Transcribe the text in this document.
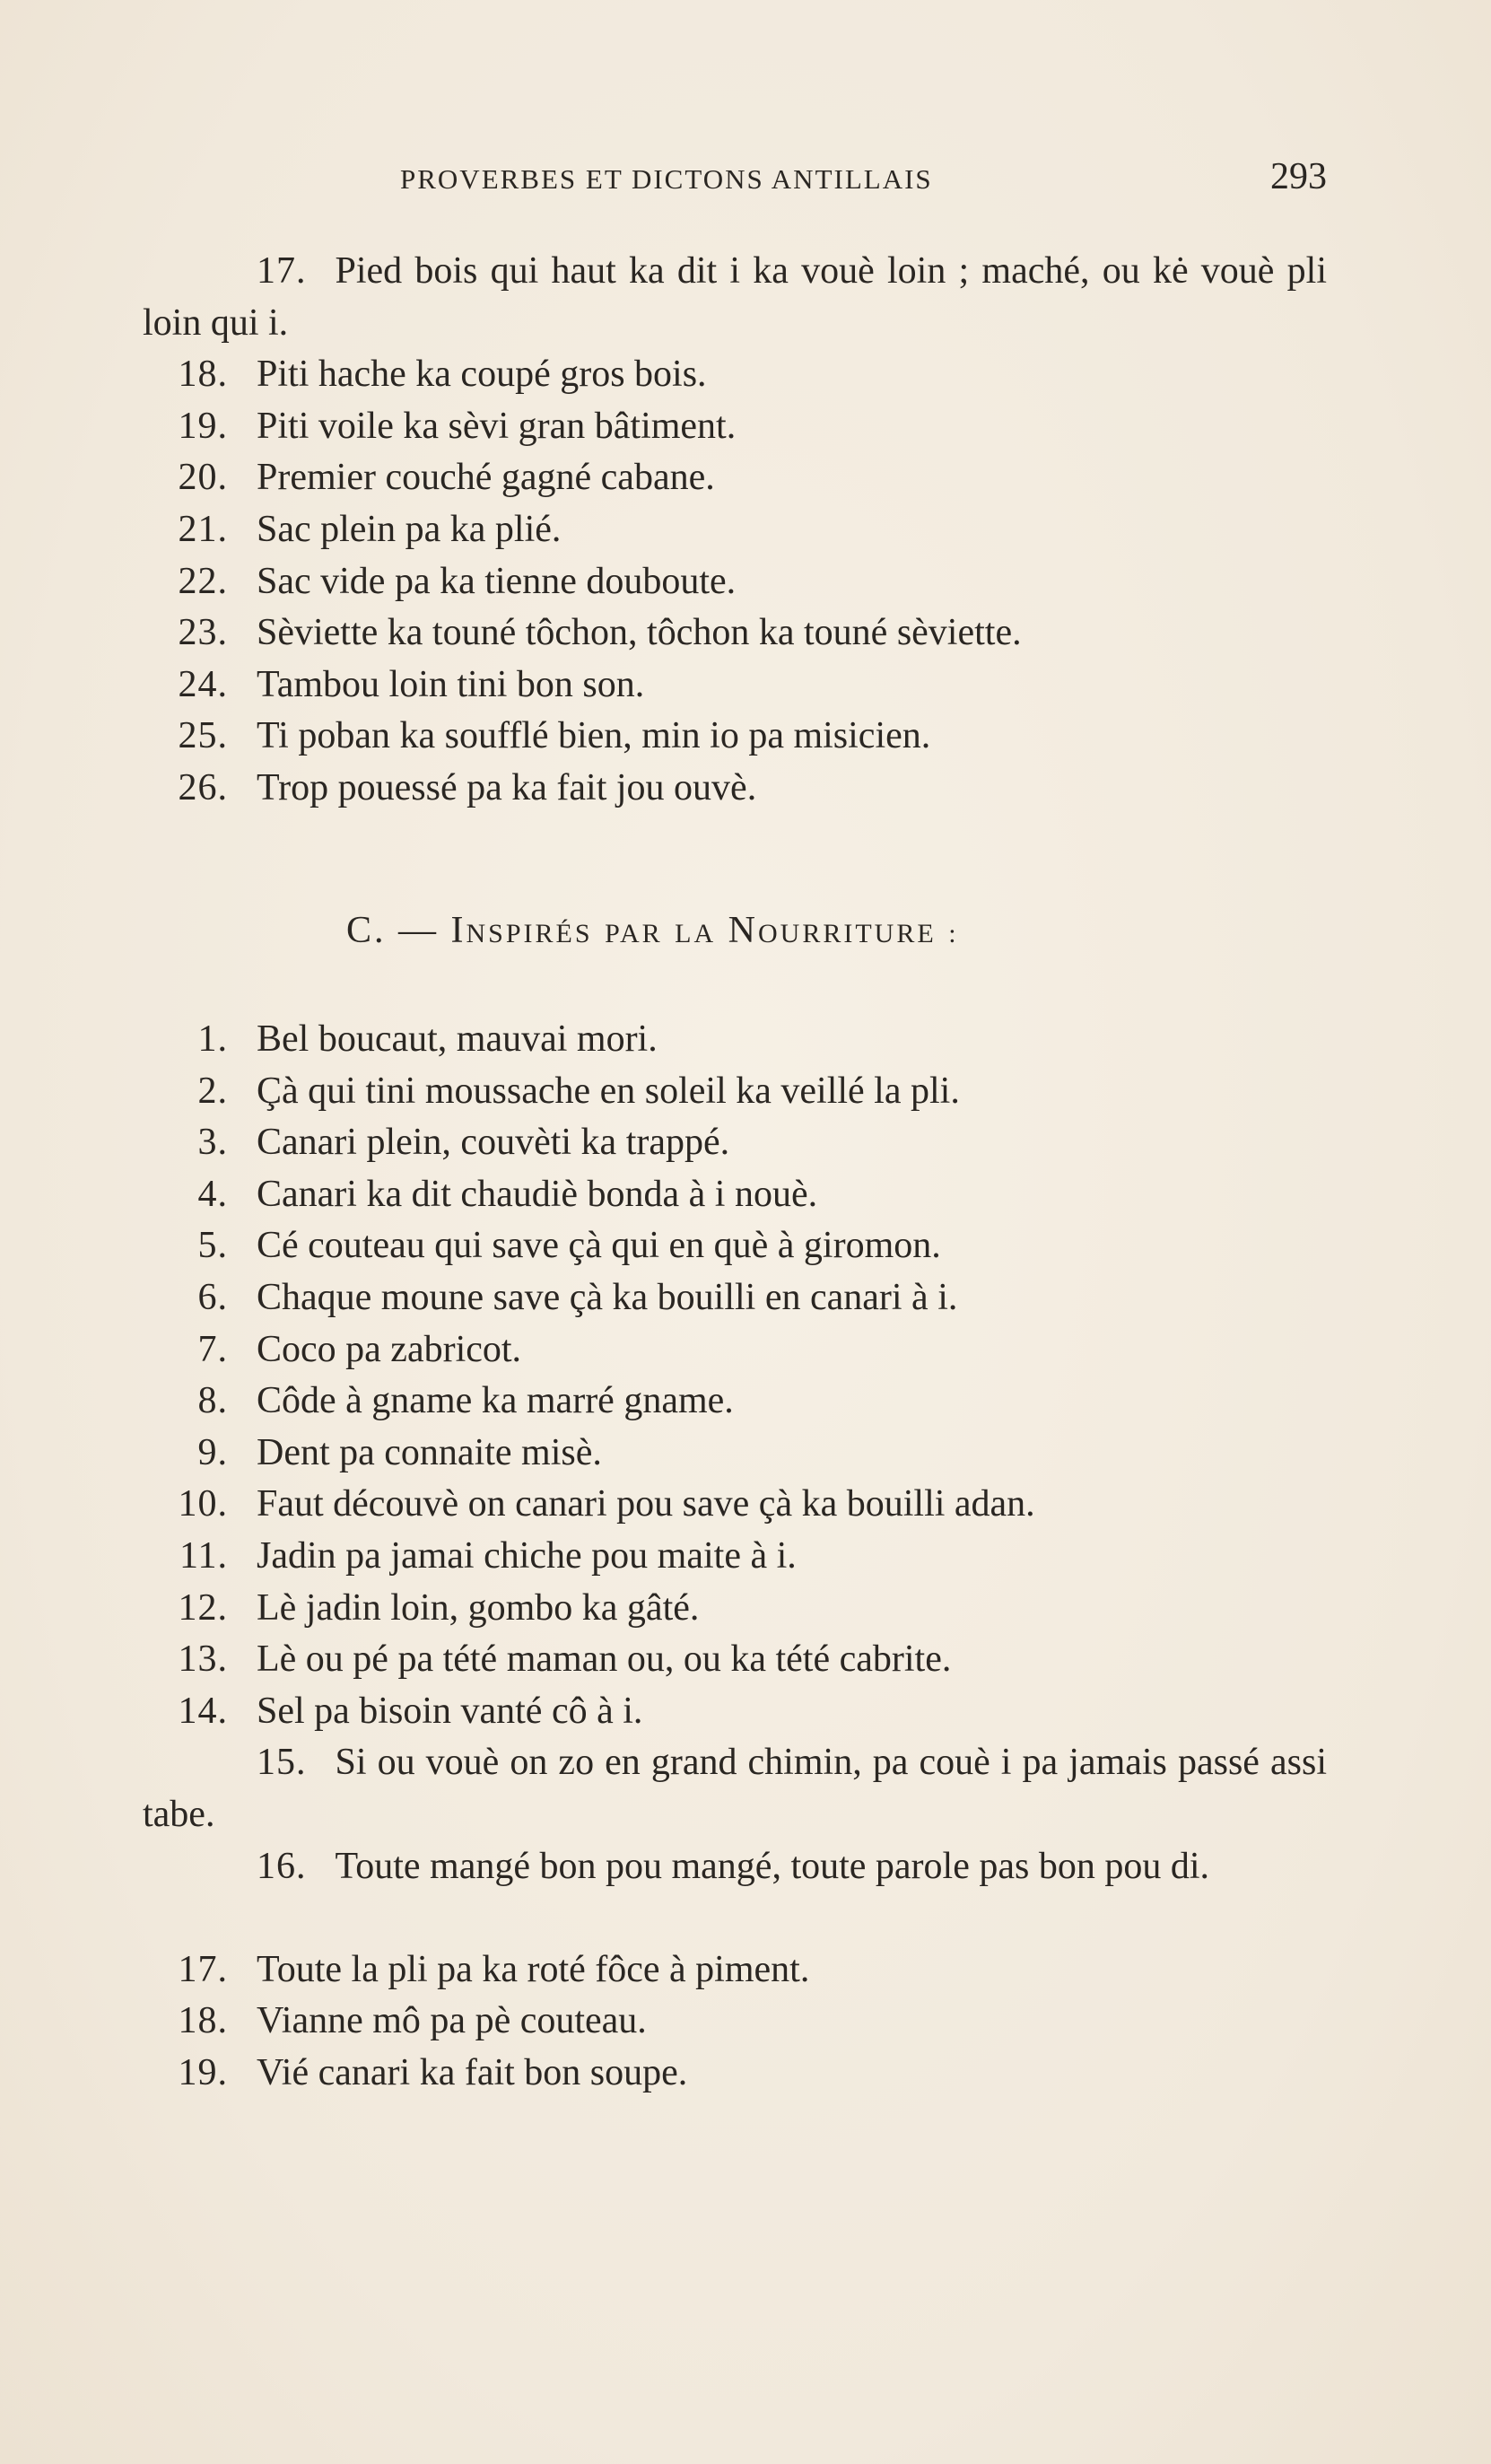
PROVERBES ET DICTONS ANTILLAIS	293
17. Pied bois qui haut ka dit i ka vouè loin ; maché, ou kė vouè pli loin qui i.
18. Piti hache ka coupé gros bois.
19. Piti voile ka sèvi gran bâtiment.
20. Premier couché gagné cabane.
21. Sac plein pa ka plié.
22. Sac vide pa ka tienne douboute.
23. Sèviette ka touné tôchon, tôchon ka touné sèviette.
24. Tambou loin tini bon son.
25. Ti poban ka soufflé bien, min io pa misicien.
26. Trop pouessé pa ka fait jou ouvè.
C. — INSPIRÉS PAR LA NOURRITURE :
1. Bel boucaut, mauvai mori.
2. Çà qui tini moussache en soleil ka veillé la pli.
3. Canari plein, couvèti ka trappé.
4. Canari ka dit chaudiè bonda à i nouè.
5. Cé couteau qui save çà qui en què à giromon.
6. Chaque moune save çà ka bouilli en canari à i.
7. Coco pa zabricot.
8. Côde à gname ka marré gname.
9. Dent pa connaite misè.
10. Faut découvè on canari pou save çà ka bouilli adan.
11. Jadin pa jamai chiche pou maite à i.
12. Lè jadin loin, gombo ka gâté.
13. Lè ou pé pa tété maman ou, ou ka tété cabrite.
14. Sel pa bisoin vanté cô à i.
15. Si ou vouè on zo en grand chimin, pa couè i pa jamais passé assi tabe.
16. Toute mangé bon pou mangé, toute parole pas bon pou di.
17. Toute la pli pa ka roté fôce à piment.
18. Vianne mô pa pè couteau.
19. Vié canari ka fait bon soupe.
